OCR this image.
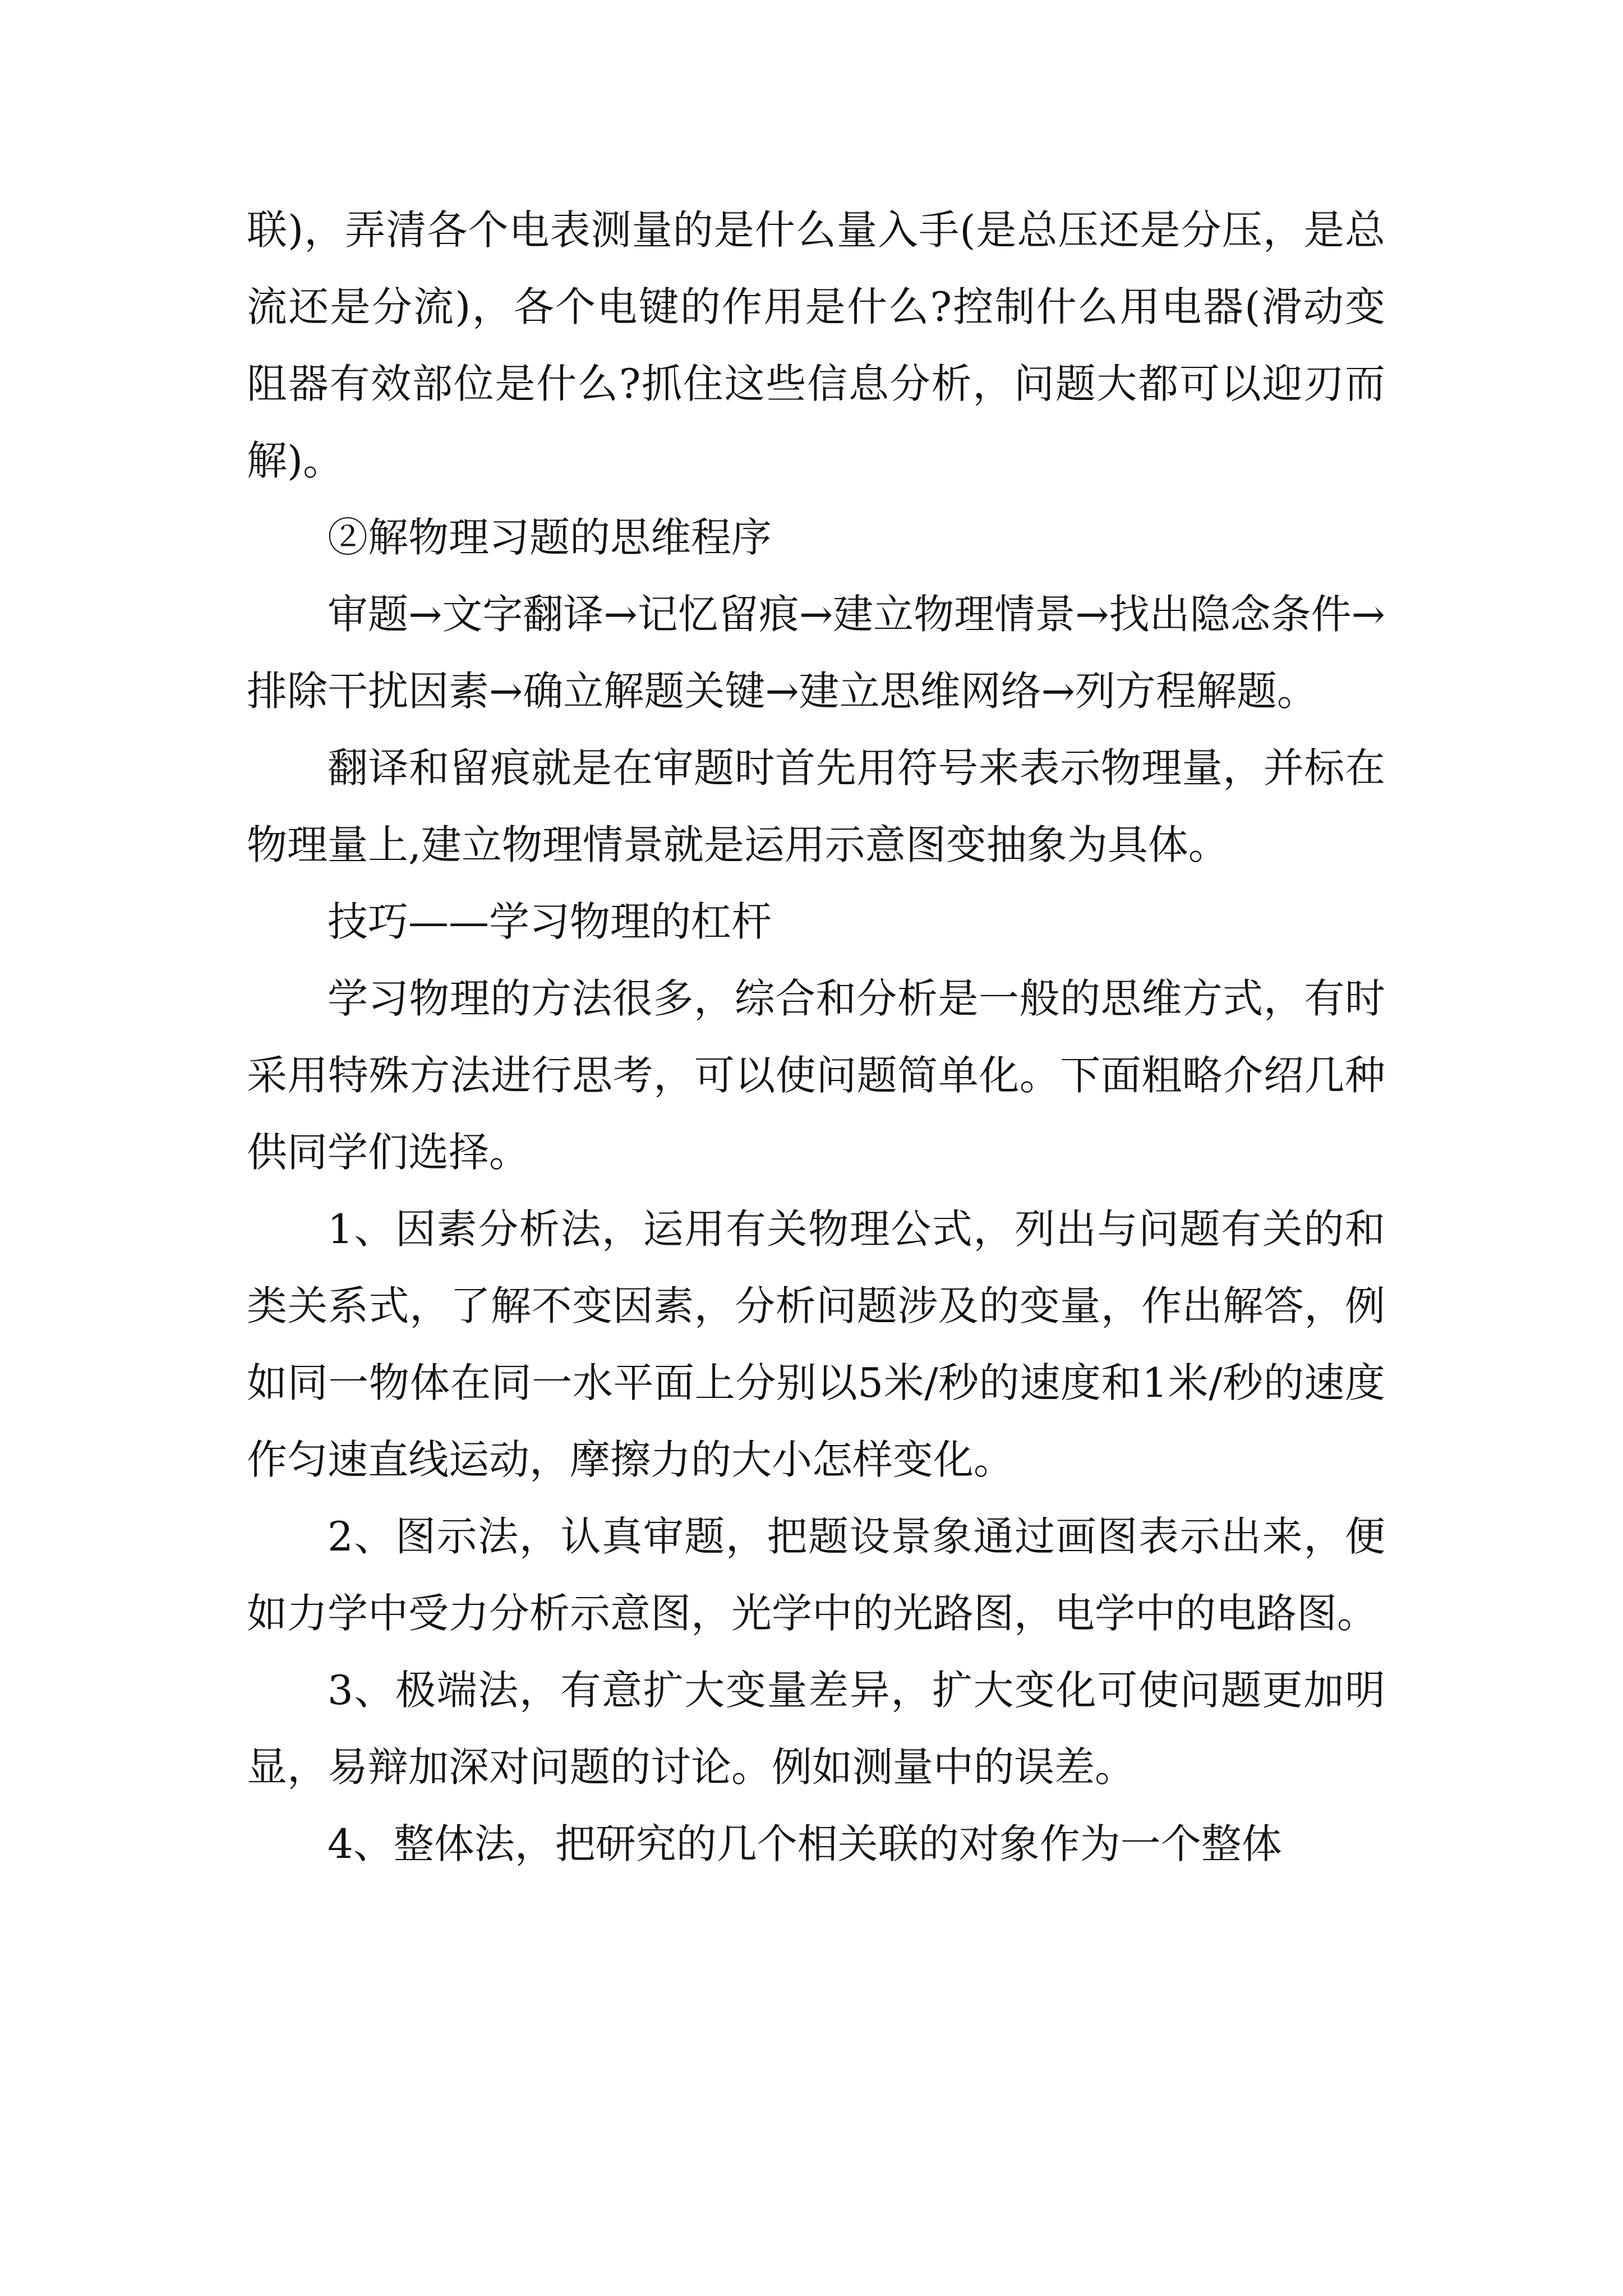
联)，弄清各个电表测量的是什么量入手(是总压还是分压，是总流还是分流)，各个电键的作用是什么?控制什么用电器(滑动变阻器有效部位是什么?抓住这些信息分析，问题大都可以迎刃而解)。

②解物理习题的思维程序

审题→文字翻译→记忆留痕→建立物理情景→找出隐念条件→排除干扰因素→确立解题关键→建立思维网络→列方程解题。

翻译和留痕就是在审题时首先用符号来表示物理量，并标在物理量上,建立物理情景就是运用示意图变抽象为具体。

技巧——学习物理的杠杆

学习物理的方法很多，综合和分析是一般的思维方式，有时采用特殊方法进行思考，可以使问题简单化。下面粗略介绍几种供同学们选择。

1、因素分析法，运用有关物理公式，列出与问题有关的和类关系式，了解不变因素，分析问题涉及的变量，作出解答，例如同一物体在同一水平面上分别以5米/秒的速度和1米/秒的速度作匀速直线运动，摩擦力的大小怎样变化。

2、图示法，认真审题，把题设景象通过画图表示出来，便如力学中受力分析示意图，光学中的光路图，电学中的电路图。

3、极端法，有意扩大变量差异，扩大变化可使问题更加明显，易辩加深对问题的讨论。例如测量中的误差。

4、整体法，把研究的几个相关联的对象作为一个整体
